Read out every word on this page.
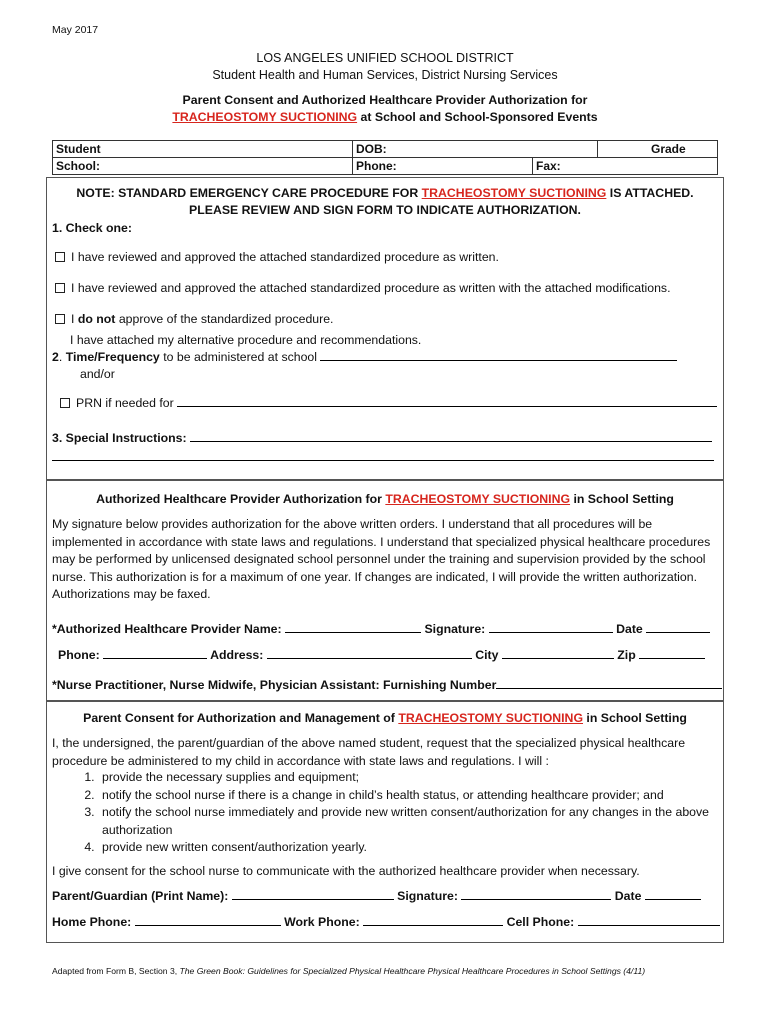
May 2017
LOS ANGELES UNIFIED SCHOOL DISTRICT
Student Health and Human Services, District Nursing Services
Parent Consent and Authorized Healthcare Provider Authorization for
TRACHEOSTOMY SUCTIONING at School and School-Sponsored Events
Student	DOB:		Grade
School:	Phone:	Fax:	
NOTE: STANDARD EMERGENCY CARE PROCEDURE FOR TRACHEOSTOMY SUCTIONING IS ATTACHED.
PLEASE REVIEW AND SIGN FORM TO INDICATE AUTHORIZATION.
1. Check one:
I have reviewed and approved the attached standardized procedure as written.
I have reviewed and approved the attached standardized procedure as written with the attached modifications.
I do not approve of the standardized procedure.
I have attached my alternative procedure and recommendations.
2. Time/Frequency to be administered at school
and/or
PRN if needed for
3. Special Instructions:
Authorized Healthcare Provider Authorization for TRACHEOSTOMY SUCTIONING in School Setting
My signature below provides authorization for the above written orders. I understand that all procedures will be implemented in accordance with state laws and regulations. I understand that specialized physical healthcare procedures may be performed by unlicensed designated school personnel under the training and supervision provided by the school nurse. This authorization is for a maximum of one year. If changes are indicated, I will provide the written authorization. Authorizations may be faxed.
*Authorized Healthcare Provider Name:	Signature:	Date
Phone:	Address:	City	Zip
*Nurse Practitioner, Nurse Midwife, Physician Assistant: Furnishing Number
Parent Consent for Authorization and Management of TRACHEOSTOMY SUCTIONING in School Setting
I, the undersigned, the parent/guardian of the above named student, request that the specialized physical healthcare procedure be administered to my child in accordance with state laws and regulations. I will :
1. provide the necessary supplies and equipment;
2. notify the school nurse if there is a change in child’s health status, or attending healthcare provider; and
3. notify the school nurse immediately and provide new written consent/authorization for any changes in the above authorization
4. provide new written consent/authorization yearly.
I give consent for the school nurse to communicate with the authorized healthcare provider when necessary.
Parent/Guardian (Print Name):	Signature:	Date
Home Phone:	Work Phone:	Cell Phone:
Adapted from Form B, Section 3, The Green Book: Guidelines for Specialized Physical Healthcare Physical Healthcare Procedures in School Settings (4/11)
